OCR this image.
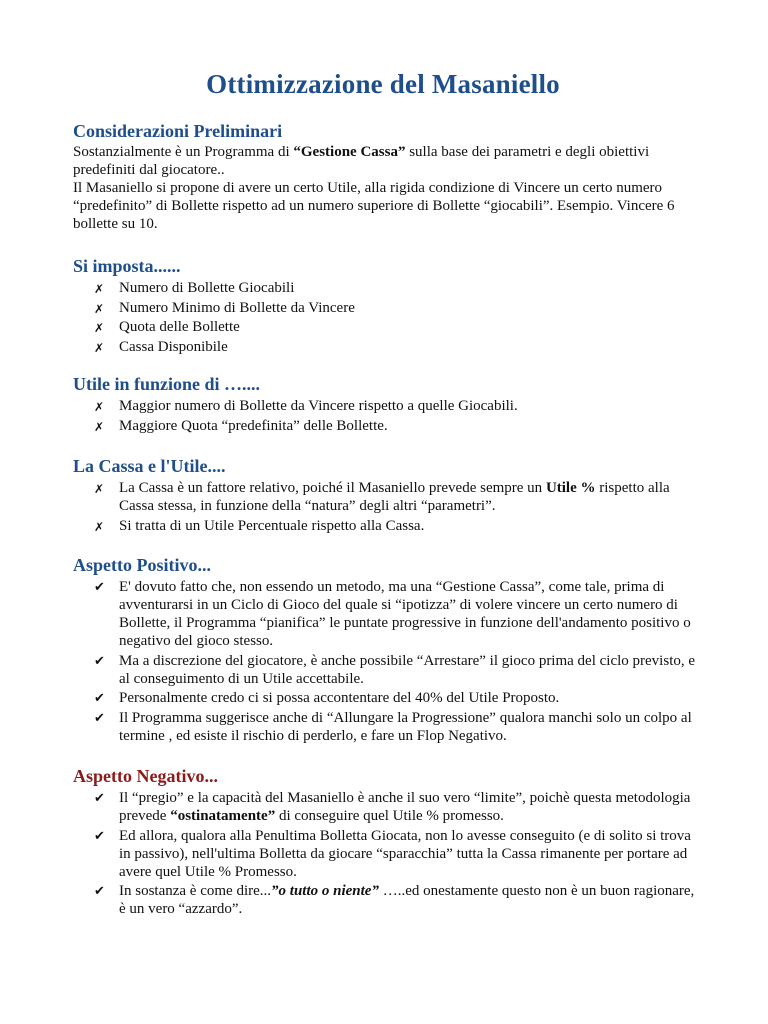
Ottimizzazione del Masaniello
Considerazioni Preliminari

Sostanzialmente è un Programma di “Gestione Cassa” sulla base dei parametri e degli obiettivi predefiniti dal giocatore..

Il Masaniello si propone di avere un certo Utile, alla rigida condizione di Vincere un certo numero “predefinito” di Bollette rispetto ad un numero superiore di Bollette “giocabili”. Esempio. Vincere 6 bollette su 10.

Si imposta......
✗ Numero di Bollette Giocabili
✗ Numero Minimo di Bollette da Vincere
✗ Quota delle Bollette
✗ Cassa Disponibile
Utile in funzione di …....
✗ Maggior numero di Bollette da Vincere rispetto a quelle Giocabili.
✗ Maggiore Quota “predefinita” delle Bollette.
La Cassa e l'Utile....
✗ La Cassa è un fattore relativo, poiché il Masaniello prevede sempre un Utile % rispetto alla Cassa stessa, in funzione della “natura” degli altri “parametri”.
✗ Si tratta di un Utile Percentuale rispetto alla Cassa.
Aspetto Positivo...
✔ E' dovuto fatto che, non essendo un metodo, ma una “Gestione Cassa”, come tale, prima di avventurarsi in un Ciclo di Gioco del quale si “ipotizza” di volere vincere un certo numero di Bollette, il Programma “pianifica” le puntate progressive in funzione dell'andamento positivo o negativo del gioco stesso.
✔ Ma a discrezione del giocatore, è anche possibile “Arrestare” il gioco prima del ciclo previsto, e al conseguimento di un Utile accettabile.
✔ Personalmente credo ci si possa accontentare del 40% del Utile Proposto.
✔ Il Programma suggerisce anche di “Allungare la Progressione” qualora manchi solo un colpo al termine , ed esiste il rischio di perderlo, e fare un Flop Negativo.
Aspetto Negativo...
✔ Il “pregio” e la capacità del Masaniello è anche il suo vero “limite”, poichè questa metodologia prevede “ostinatamente” di conseguire quel Utile % promesso.
✔ Ed allora, qualora alla Penultima Bolletta Giocata, non lo avesse conseguito (e di solito si trova in passivo), nell'ultima Bolletta da giocare “sparacchia” tutta la Cassa rimanente per portare ad avere quel Utile % Promesso.
✔ In sostanza è come dire...”o tutto o niente” …..ed onestamente questo non è un buon ragionare, è un vero “azzardo”.
